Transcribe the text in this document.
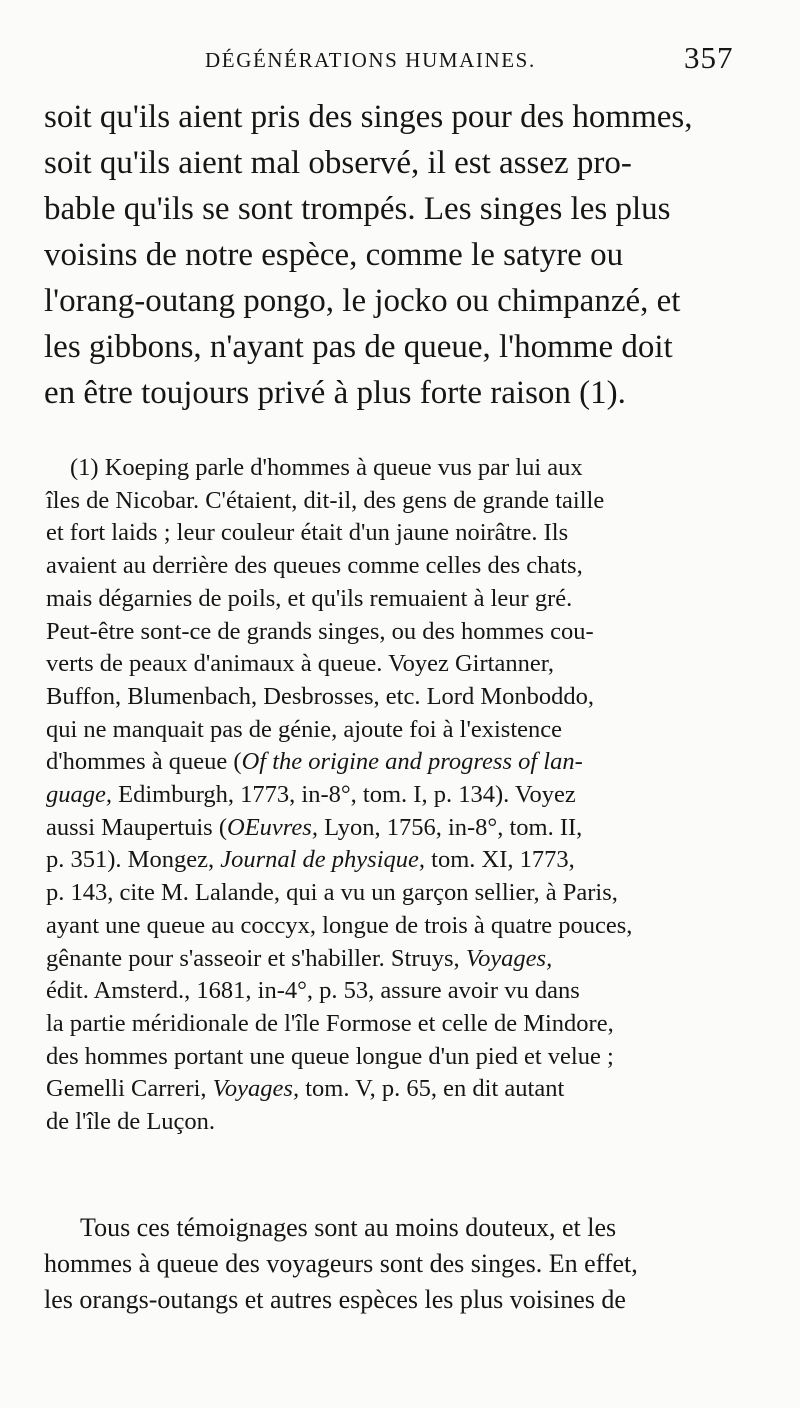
DÉGÉNÉRATIONS HUMAINES.	357

soit qu'ils aient pris des singes pour des hommes,

soit qu'ils aient mal observé, il est assez pro-

bable qu'ils se sont trompés. Les singes les plus

voisins de notre espèce, comme le satyre ou

l'orang-outang pongo, le jocko ou chimpanzé, et

les gibbons, n'ayant pas de queue, l'homme doit

en être toujours privé à plus forte raison (1).

(1) Koeping parle d'hommes à queue vus par lui aux

îles de Nicobar. C'étaient, dit-il, des gens de grande taille

et fort laids ; leur couleur était d'un jaune noirâtre. Ils

avaient au derrière des queues comme celles des chats,

mais dégarnies de poils, et qu'ils remuaient à leur gré.

Peut-être sont-ce de grands singes, ou des hommes cou-

verts de peaux d'animaux à queue. Voyez Girtanner,

Buffon, Blumenbach, Desbrosses, etc. Lord Monboddo,

qui ne manquait pas de génie, ajoute foi à l'existence

d'hommes à queue (Of the origine and progress of lan-

guage, Edimburgh, 1773, in-8°, tom. I, p. 134). Voyez

aussi Maupertuis (OEuvres, Lyon, 1756, in-8°, tom. II,

p. 351). Mongez, Journal de physique, tom. XI, 1773,

p. 143, cite M. Lalande, qui a vu un garçon sellier, à Paris,

ayant une queue au coccyx, longue de trois à quatre pouces,

gênante pour s'asseoir et s'habiller. Struys, Voyages,

édit. Amsterd., 1681, in-4°, p. 53, assure avoir vu dans

la partie méridionale de l'île Formose et celle de Mindore,

des hommes portant une queue longue d'un pied et velue ;

Gemelli Carreri, Voyages, tom. V, p. 65, en dit autant

de l'île de Luçon.

Tous ces témoignages sont au moins douteux, et les

hommes à queue des voyageurs sont des singes. En effet,

les orangs-outangs et autres espèces les plus voisines de
